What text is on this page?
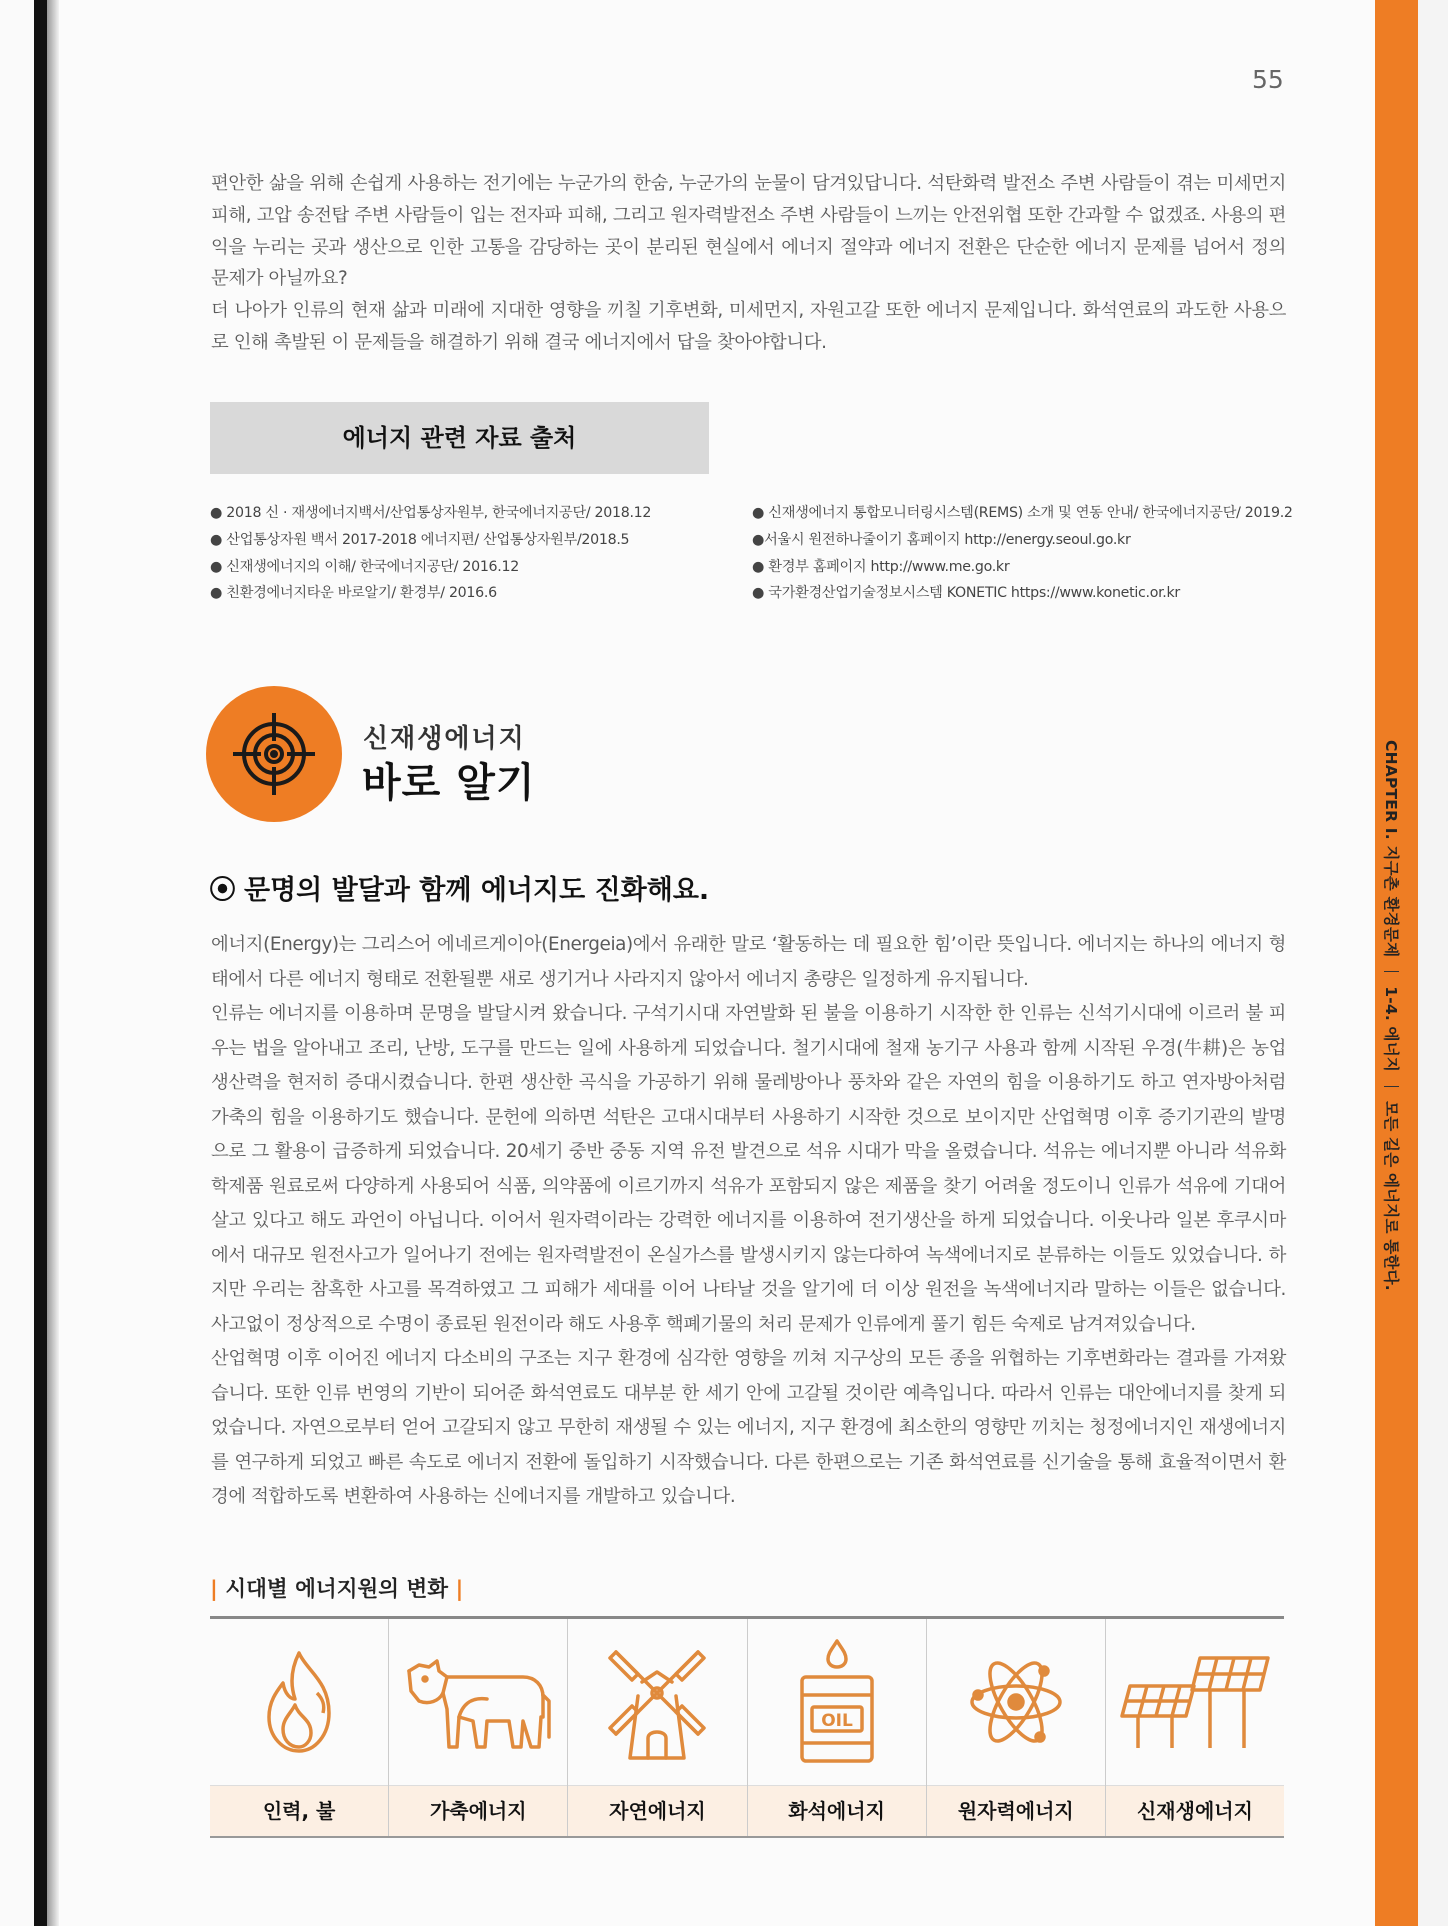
CHAPTER I. 지구촌 환경문제1-4. 에너지모든 길은 에너지로 통한다.
55

편안한 삶을 위해 손쉽게 사용하는 전기에는 누군가의 한숨, 누군가의 눈물이 담겨있답니다. 석탄화력 발전소 주변 사람들이 겪는 미세먼지 피해, 고압 송전탑 주변 사람들이 입는 전자파 피해, 그리고 원자력발전소 주변 사람들이 느끼는 안전위협 또한 간과할 수 없겠죠. 사용의 편익을 누리는 곳과 생산으로 인한 고통을 감당하는 곳이 분리된 현실에서 에너지 절약과 에너지 전환은 단순한 에너지 문제를 넘어서 정의 문제가 아닐까요?

더 나아가 인류의 현재 삶과 미래에 지대한 영향을 끼칠 기후변화, 미세먼지, 자원고갈 또한 에너지 문제입니다. 화석연료의 과도한 사용으로 인해 촉발된 이 문제들을 해결하기 위해 결국 에너지에서 답을 찾아야합니다.

에너지 관련 자료 출처
● 2018 신 · 재생에너지백서/산업통상자원부, 한국에너지공단/ 2018.12
● 산업통상자원 백서 2017-2018 에너지편/ 산업통상자원부/2018.5
● 신재생에너지의 이해/ 한국에너지공단/ 2016.12
● 친환경에너지타운 바로알기/ 환경부/ 2016.6
● 신재생에너지 통합모니터링시스템(REMS) 소개 및 연동 안내/ 한국에너지공단/ 2019.2
●서울시 원전하나줄이기 홈페이지 http://energy.seoul.go.kr
● 환경부 홈페이지 http://www.me.go.kr
● 국가환경산업기술정보시스템 KONETIC https://www.konetic.or.kr
신재생에너지
바로 알기
⦿ 문명의 발달과 함께 에너지도 진화해요.

에너지(Energy)는 그리스어 에네르게이아(Energeia)에서 유래한 말로 ‘활동하는 데 필요한 힘’이란 뜻입니다. 에너지는 하나의 에너지 형태에서 다른 에너지 형태로 전환될뿐 새로 생기거나 사라지지 않아서 에너지 총량은 일정하게 유지됩니다.

인류는 에너지를 이용하며 문명을 발달시켜 왔습니다. 구석기시대 자연발화 된 불을 이용하기 시작한 한 인류는 신석기시대에 이르러 불 피우는 법을 알아내고 조리, 난방, 도구를 만드는 일에 사용하게 되었습니다. 철기시대에 철재 농기구 사용과 함께 시작된 우경(牛耕)은 농업생산력을 현저히 증대시켰습니다. 한편 생산한 곡식을 가공하기 위해 물레방아나 풍차와 같은 자연의 힘을 이용하기도 하고 연자방아처럼 가축의 힘을 이용하기도 했습니다. 문헌에 의하면 석탄은 고대시대부터 사용하기 시작한 것으로 보이지만 산업혁명 이후 증기기관의 발명으로 그 활용이 급증하게 되었습니다. 20세기 중반 중동 지역 유전 발견으로 석유 시대가 막을 올렸습니다. 석유는 에너지뿐 아니라 석유화학제품 원료로써 다양하게 사용되어 식품, 의약품에 이르기까지 석유가 포함되지 않은 제품을 찾기 어려울 정도이니 인류가 석유에 기대어 살고 있다고 해도 과언이 아닙니다. 이어서 원자력이라는 강력한 에너지를 이용하여 전기생산을 하게 되었습니다. 이웃나라 일본 후쿠시마에서 대규모 원전사고가 일어나기 전에는 원자력발전이 온실가스를 발생시키지 않는다하여 녹색에너지로 분류하는 이들도 있었습니다. 하지만 우리는 참혹한 사고를 목격하였고 그 피해가 세대를 이어 나타날 것을 알기에 더 이상 원전을 녹색에너지라 말하는 이들은 없습니다. 사고없이 정상적으로 수명이 종료된 원전이라 해도 사용후 핵폐기물의 처리 문제가 인류에게 풀기 힘든 숙제로 남겨져있습니다.

산업혁명 이후 이어진 에너지 다소비의 구조는 지구 환경에 심각한 영향을 끼쳐 지구상의 모든 종을 위협하는 기후변화라는 결과를 가져왔습니다. 또한 인류 번영의 기반이 되어준 화석연료도 대부분 한 세기 안에 고갈될 것이란 예측입니다. 따라서 인류는 대안에너지를 찾게 되었습니다. 자연으로부터 얻어 고갈되지 않고 무한히 재생될 수 있는 에너지, 지구 환경에 최소한의 영향만 끼치는 청정에너지인 재생에너지를 연구하게 되었고 빠른 속도로 에너지 전환에 돌입하기 시작했습니다. 다른 한편으로는 기존 화석연료를 신기술을 통해 효율적이면서 환경에 적합하도록 변환하여 사용하는 신에너지를 개발하고 있습니다.

| 시대별 에너지원의 변화 |
인력, 불	가축에너지	자연에너지
OIL
화석에너지	원자력에너지	신재생에너지
